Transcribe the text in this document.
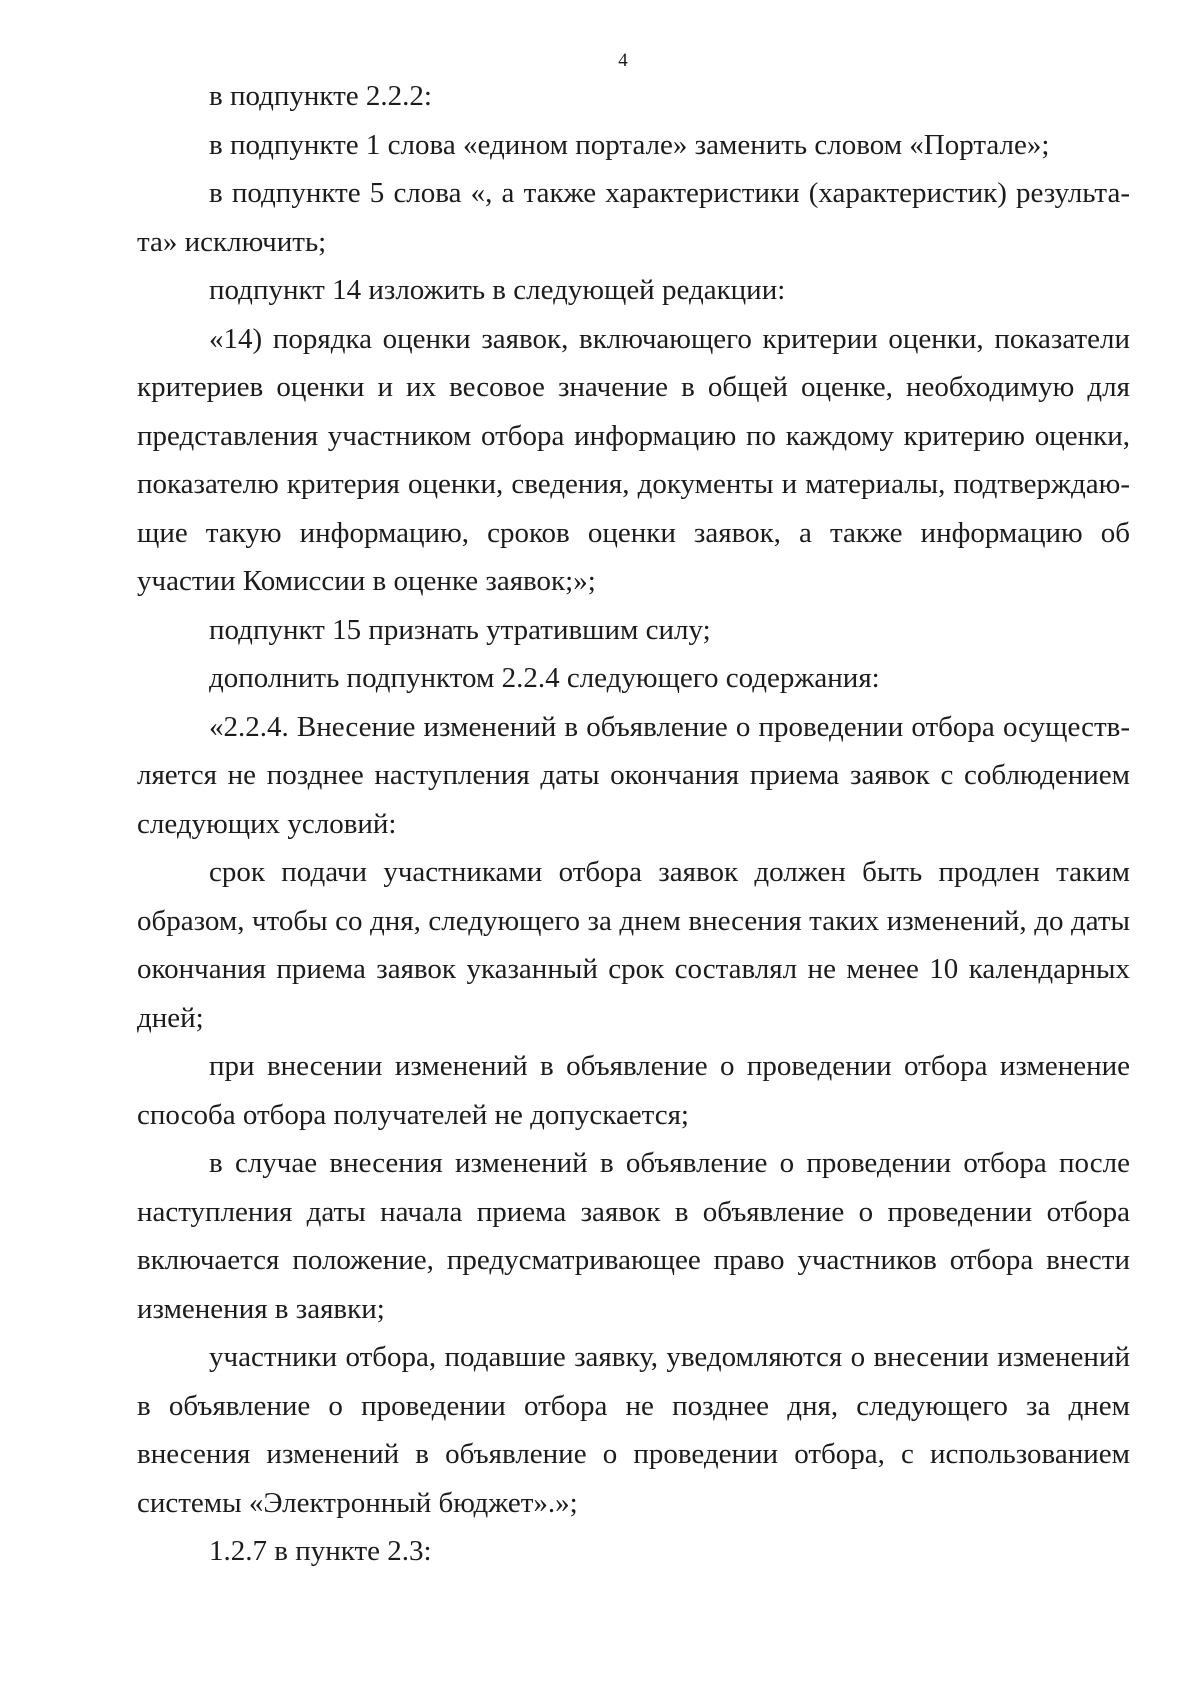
4

в подпункте 2.2.2:

в подпункте 1 слова «едином портале» заменить словом «Портале»;

в подпункте 5 слова «, а также характеристики (характеристик) результата» исключить;

подпункт 14 изложить в следующей редакции:

«14) порядка оценки заявок, включающего критерии оценки, показатели критериев оценки и их весовое значение в общей оценке, необходимую для представления участником отбора информацию по каждому критерию оценки, показателю критерия оценки, сведения, документы и материалы, подтверждающие такую информацию, сроков оценки заявок, а также информацию об участии Комиссии в оценке заявок;»;

подпункт 15 признать утратившим силу;

дополнить подпунктом 2.2.4 следующего содержания:

«2.2.4. Внесение изменений в объявление о проведении отбора осуществляется не позднее наступления даты окончания приема заявок с соблюдением следующих условий:

срок подачи участниками отбора заявок должен быть продлен таким образом, чтобы со дня, следующего за днем внесения таких изменений, до даты окончания приема заявок указанный срок составлял не менее 10 календарных дней;

при внесении изменений в объявление о проведении отбора изменение способа отбора получателей не допускается;

в случае внесения изменений в объявление о проведении отбора после наступления даты начала приема заявок в объявление о проведении отбора включается положение, предусматривающее право участников отбора внести изменения в заявки;

участники отбора, подавшие заявку, уведомляются о внесении изменений в объявление о проведении отбора не позднее дня, следующего за днем внесения изменений в объявление о проведении отбора, с использованием системы «Электронный бюджет».»;

1.2.7 в пункте 2.3:
